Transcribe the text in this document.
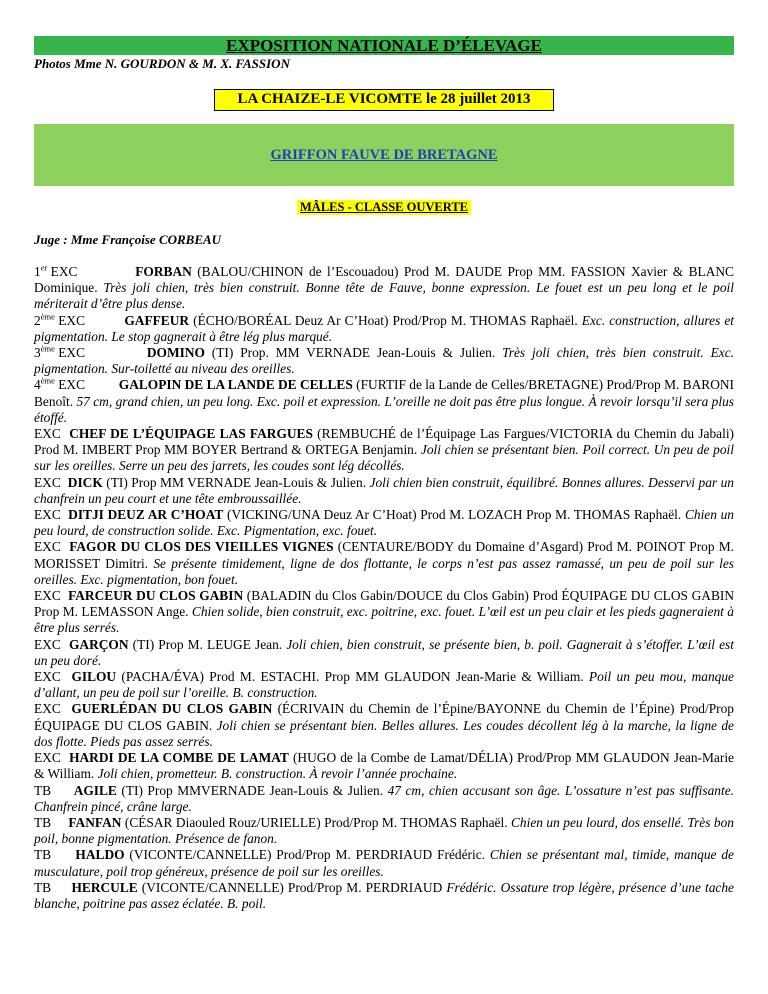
EXPOSITION NATIONALE D’ÉLEVAGE
Photos Mme N. GOURDON & M. X. FASSION
LA CHAIZE-LE VICOMTE le 28 juillet 2013
GRIFFON FAUVE DE BRETAGNE
MÂLES - CLASSE OUVERTE
Juge : Mme Françoise CORBEAU

1er EXC	FORBAN (BALOU/CHINON de l’Escouadou) Prod M. DAUDE Prop MM. FASSION Xavier & BLANC Dominique. Très joli chien, très bien construit. Bonne tête de Fauve, bonne expression. Le fouet est un peu long et le poil mériterait d’être plus dense.

2ème EXC	GAFFEUR (ÉCHO/BORÉAL Deuz Ar C’Hoat) Prod/Prop M. THOMAS Raphaël. Exc. construction, allures et pigmentation. Le stop gagnerait à être lég plus marqué.

3ème EXC	DOMINO (TI) Prop. MM VERNADE Jean-Louis & Julien. Très joli chien, très bien construit. Exc. pigmentation. Sur-toiletté au niveau des oreilles.

4ème EXC	GALOPIN DE LA LANDE DE CELLES (FURTIF de la Lande de Celles/BRETAGNE) Prod/Prop M. BARONI Benoît. 57 cm, grand chien, un peu long. Exc. poil et expression. L’oreille ne doit pas être plus longue. À revoir lorsqu’il sera plus étoffé.

EXC CHEF DE L’ÉQUIPAGE LAS FARGUES (REMBUCHÉ de l’Équipage Las Fargues/VICTORIA du Chemin du Jabali) Prod M. IMBERT Prop MM BOYER Bertrand & ORTEGA Benjamin. Joli chien se présentant bien. Poil correct. Un peu de poil sur les oreilles. Serre un peu des jarrets, les coudes sont lég décollés.

EXC DICK (TI) Prop MM VERNADE Jean-Louis & Julien. Joli chien bien construit, équilibré. Bonnes allures. Desservi par un chanfrein un peu court et une tête embroussaillée.

EXC DITJI DEUZ AR C’HOAT (VICKING/UNA Deuz Ar C’Hoat) Prod M. LOZACH Prop M. THOMAS Raphaël. Chien un peu lourd, de construction solide. Exc. Pigmentation, exc. fouet.

EXC FAGOR DU CLOS DES VIEILLES VIGNES (CENTAURE/BODY du Domaine d’Asgard) Prod M. POINOT Prop M. MORISSET Dimitri. Se présente timidement, ligne de dos flottante, le corps n’est pas assez ramassé, un peu de poil sur les oreilles. Exc. pigmentation, bon fouet.

EXC FARCEUR DU CLOS GABIN (BALADIN du Clos Gabin/DOUCE du Clos Gabin) Prod ÉQUIPAGE DU CLOS GABIN Prop M. LEMASSON Ange. Chien solide, bien construit, exc. poitrine, exc. fouet. L’œil est un peu clair et les pieds gagneraient à être plus serrés.

EXC GARÇON (TI) Prop M. LEUGE Jean. Joli chien, bien construit, se présente bien, b. poil. Gagnerait à s’étoffer. L’œil est un peu doré.

EXC GILOU (PACHA/ÉVA) Prod M. ESTACHI. Prop MM GLAUDON Jean-Marie & William. Poil un peu mou, manque d’allant, un peu de poil sur l’oreille. B. construction.

EXC GUERLÉDAN DU CLOS GABIN (ÉCRIVAIN du Chemin de l’Épine/BAYONNE du Chemin de l’Épine) Prod/Prop ÉQUIPAGE DU CLOS GABIN. Joli chien se présentant bien. Belles allures. Les coudes décollent lég à la marche, la ligne de dos flotte. Pieds pas assez serrés.

EXC HARDI DE LA COMBE DE LAMAT (HUGO de la Combe de Lamat/DÉLIA) Prod/Prop MM GLAUDON Jean-Marie & William. Joli chien, prometteur. B. construction. À revoir l’année prochaine.

TB AGILE (TI) Prop MMVERNADE Jean-Louis & Julien. 47 cm, chien accusant son âge. L’ossature n’est pas suffisante. Chanfrein pincé, crâne large.

TB FANFAN (CÉSAR Diaouled Rouz/URIELLE) Prod/Prop M. THOMAS Raphaël. Chien un peu lourd, dos ensellé. Très bon poil, bonne pigmentation. Présence de fanon.

TB HALDO (VICONTE/CANNELLE) Prod/Prop M. PERDRIAUD Frédéric. Chien se présentant mal, timide, manque de musculature, poil trop généreux, présence de poil sur les oreilles.

TB HERCULE (VICONTE/CANNELLE) Prod/Prop M. PERDRIAUD Frédéric. Ossature trop légère, présence d’une tache blanche, poitrine pas assez éclatée. B. poil.
